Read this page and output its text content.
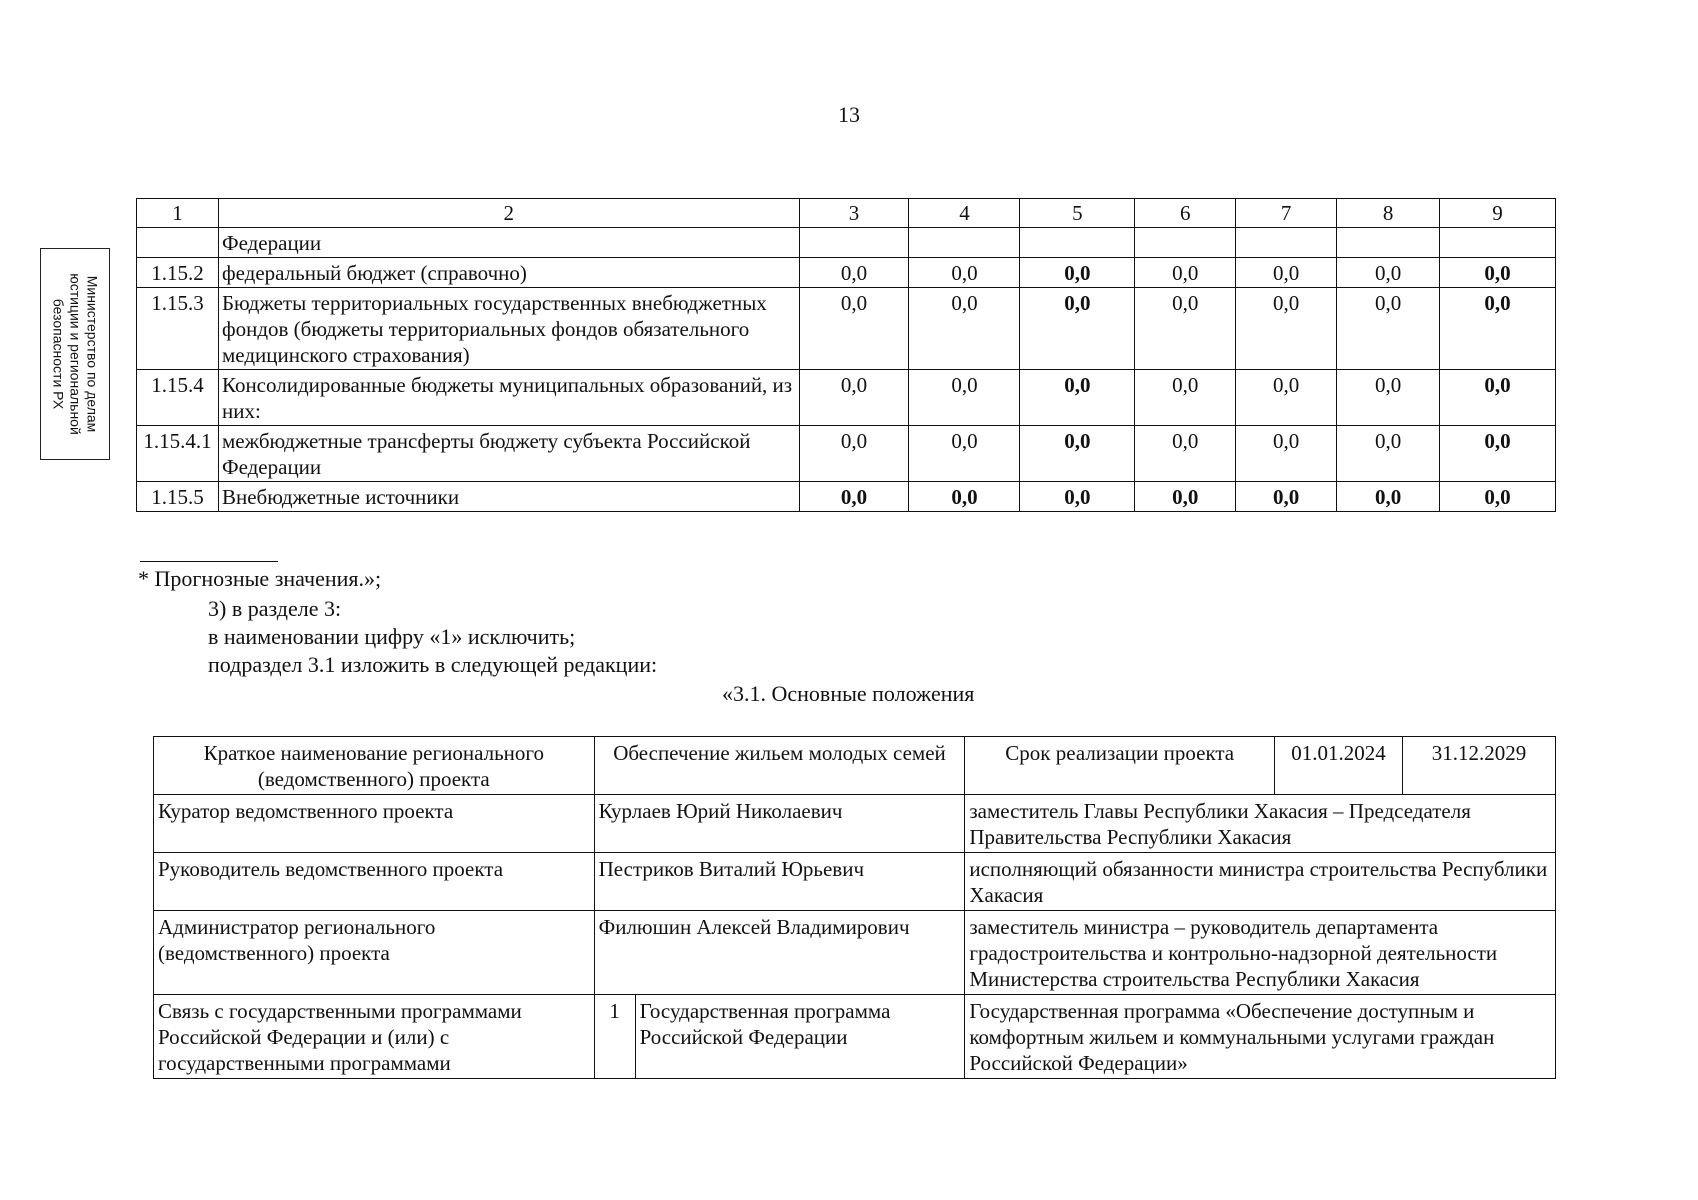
13
Министерство по делам
юстиции и региональной
безопасности РХ
1	2	3	4	5	6	7	8	9
	Федерации							
1.15.2	федеральный бюджет (справочно)	0,0	0,0	0,0	0,0	0,0	0,0	0,0
1.15.3	Бюджеты территориальных государственных внебюджетных фондов (бюджеты территориальных фондов обязательного медицинского страхования)	0,0	0,0	0,0	0,0	0,0	0,0	0,0
1.15.4	Консолидированные бюджеты муниципальных образований, из них:	0,0	0,0	0,0	0,0	0,0	0,0	0,0
1.15.4.1	межбюджетные трансферты бюджету субъекта Российской Федерации	0,0	0,0	0,0	0,0	0,0	0,0	0,0
1.15.5	Внебюджетные источники	0,0	0,0	0,0	0,0	0,0	0,0	0,0
* Прогнозные значения.»;
3) в разделе 3:
в наименовании цифру «1» исключить;
подраздел 3.1 изложить в следующей редакции:
«3.1. Основные положения
Краткое наименование регионального (ведомственного) проекта	Обеспечение жильем молодых семей		Срок реализации проекта	01.01.2024	31.12.2029
Куратор ведомственного проекта	Курлаев Юрий Николаевич		заместитель Главы Республики Хакасия – Председателя Правительства Республики Хакасия		
Руководитель ведомственного проекта	Пестриков Виталий Юрьевич		исполняющий обязанности министра строительства Республики Хакасия		
Администратор регионального (ведомственного) проекта	Филюшин Алексей Владимирович		заместитель министра – руководитель департамента градостроительства и контрольно-надзорной деятельности Министерства строительства Республики Хакасия		
Связь с государственными программами Российской Федерации и (или) с государственными программами	1	Государственная программа Российской Федерации	Государственная программа «Обеспечение доступным и комфортным жильем и коммунальными услугами граждан Российской Федерации»		
